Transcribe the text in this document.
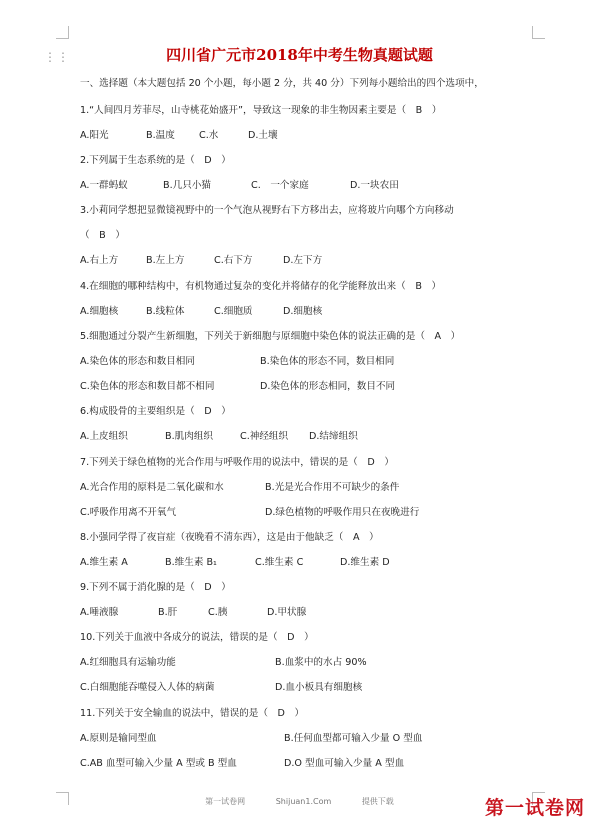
⋮⋮	四川省广元市2018年中考生物真题试题
一、选择题（本大题包括 20 个小题，每小题 2 分，共 40 分）下列每小题给出的四个选项中，
1.“人间四月芳菲尽，山寺桃花始盛开”，导致这一现象的非生物因素主要是（　B　）
A.阳光	B.温度	C.水	D.土壤
2.下列属于生态系统的是（　D　）
A.一群蚂蚁	B.几只小猫	C.　一个家庭	D.一块农田
3.小莉同学想把显微镜视野中的一个气泡从视野右下方移出去，应将玻片向哪个方向移动
（　B　）
A.右上方	B.左上方	C.右下方	D.左下方
4.在细胞的哪种结构中，有机物通过复杂的变化并将储存的化学能释放出来（　B　）
A.细胞核	B.线粒体	C.细胞质	D.细胞核
5.细胞通过分裂产生新细胞，下列关于新细胞与原细胞中染色体的说法正确的是（　A　）
A.染色体的形态和数目相同	B.染色体的形态不同，数目相同
C.染色体的形态和数目都不相同	D.染色体的形态相同，数目不同
6.构成股骨的主要组织是（　D　）
A.上皮组织	B.肌肉组织	C.神经组织 D.结缔组织
7.下列关于绿色植物的光合作用与呼吸作用的说法中，错误的是（　D　）
A.光合作用的原料是二氧化碳和水	B.光是光合作用不可缺少的条件
C.呼吸作用离不开氧气	D.绿色植物的呼吸作用只在夜晚进行
8.小强同学得了夜盲症（夜晚看不清东西），这是由于他缺乏（　A　）
A.维生素 A	B.维生素 B₁	C.维生素 C	D.维生素 D
9.下列不属于消化腺的是（　D　）
A.唾液腺	B.肝	C.胰	D.甲状腺
10.下列关于血液中各成分的说法，错误的是（　D　）
A.红细胞具有运输功能	B.血浆中的水占 90%
C.白细胞能吞噬侵入人体的病菌	D.血小板具有细胞核
11.下列关于安全输血的说法中，错误的是（　D　）
A.原则是输同型血	B.任何血型都可输入少量 O 型血
C.AB 血型可输入少量 A 型或 B 型血	D.O 型血可输入少量 A 型血
第一试卷网	Shijuan1.Com	提供下载	第一试卷网
